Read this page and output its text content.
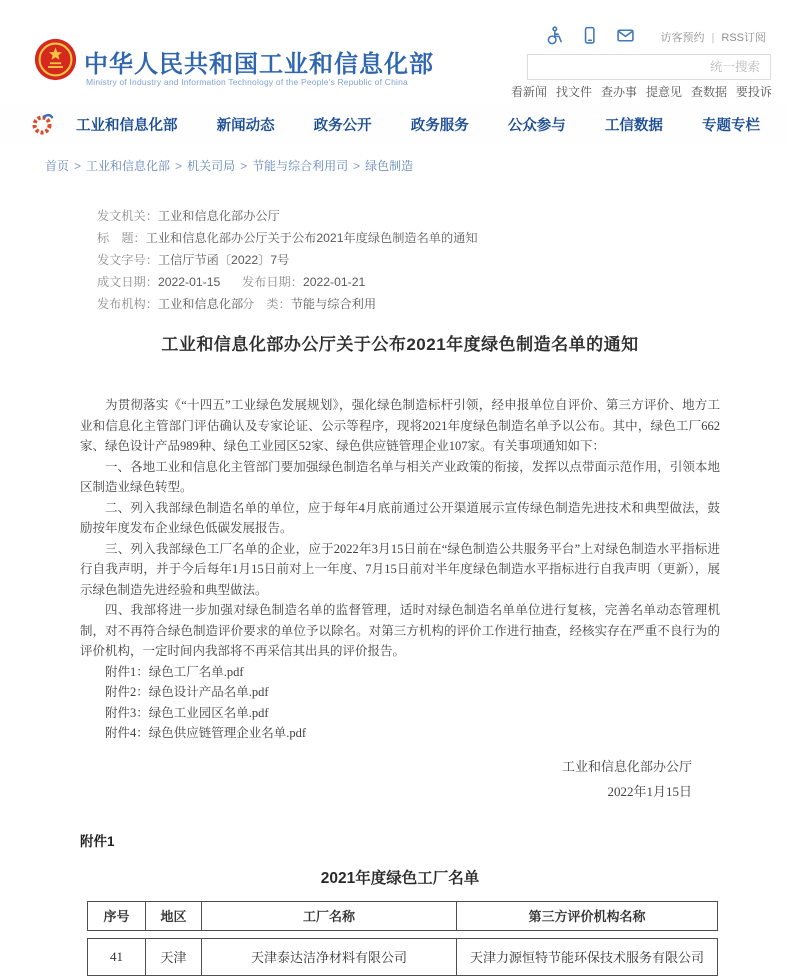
中华人民共和国工业和信息化部
Ministry of Industry and Information Technology of the People's Republic of China
访客预约 | RSS订阅
统一搜索
看新闻 找文件 查办事 提意见 查数据 要投诉
工业和信息化部	新闻动态	政务公开	政务服务	公众参与	工信数据	专题专栏
首页 > 工业和信息化部 > 机关司局 > 节能与综合利用司 > 绿色制造
发文机关：工业和信息化部办公厅
标　题：工业和信息化部办公厅关于公布2021年度绿色制造名单的通知
发文字号：工信厅节函〔2022〕7号
成文日期：2022-01-15 发布日期：2022-01-21
发布机构：工业和信息化部
分　类：节能与综合利用
工业和信息化部办公厅关于公布2021年度绿色制造名单的通知

为贯彻落实《“十四五”工业绿色发展规划》，强化绿色制造标杆引领，经申报单位自评价、第三方评价、地方工业和信息化主管部门评估确认及专家论证、公示等程序，现将2021年度绿色制造名单予以公布。其中，绿色工厂662家、绿色设计产品989种、绿色工业园区52家、绿色供应链管理企业107家。有关事项通知如下：

一、各地工业和信息化主管部门要加强绿色制造名单与相关产业政策的衔接，发挥以点带面示范作用，引领本地区制造业绿色转型。

二、列入我部绿色制造名单的单位，应于每年4月底前通过公开渠道展示宣传绿色制造先进技术和典型做法，鼓励按年度发布企业绿色低碳发展报告。

三、列入我部绿色工厂名单的企业，应于2022年3月15日前在“绿色制造公共服务平台”上对绿色制造水平指标进行自我声明，并于今后每年1月15日前对上一年度、7月15日前对半年度绿色制造水平指标进行自我声明（更新），展示绿色制造先进经验和典型做法。

四、我部将进一步加强对绿色制造名单的监督管理，适时对绿色制造名单单位进行复核，完善名单动态管理机制，对不再符合绿色制造评价要求的单位予以除名。对第三方机构的评价工作进行抽查，经核实存在严重不良行为的评价机构，一定时间内我部将不再采信其出具的评价报告。

附件1：绿色工厂名单.pdf

附件2：绿色设计产品名单.pdf

附件3：绿色工业园区名单.pdf

附件4：绿色供应链管理企业名单.pdf

工业和信息化部办公厅
2022年1月15日
附件1
2021年度绿色工厂名单
序号	地区	工厂名称	第三方评价机构名称
41	天津	天津泰达洁净材料有限公司	天津力源恒特节能环保技术服务有限公司
